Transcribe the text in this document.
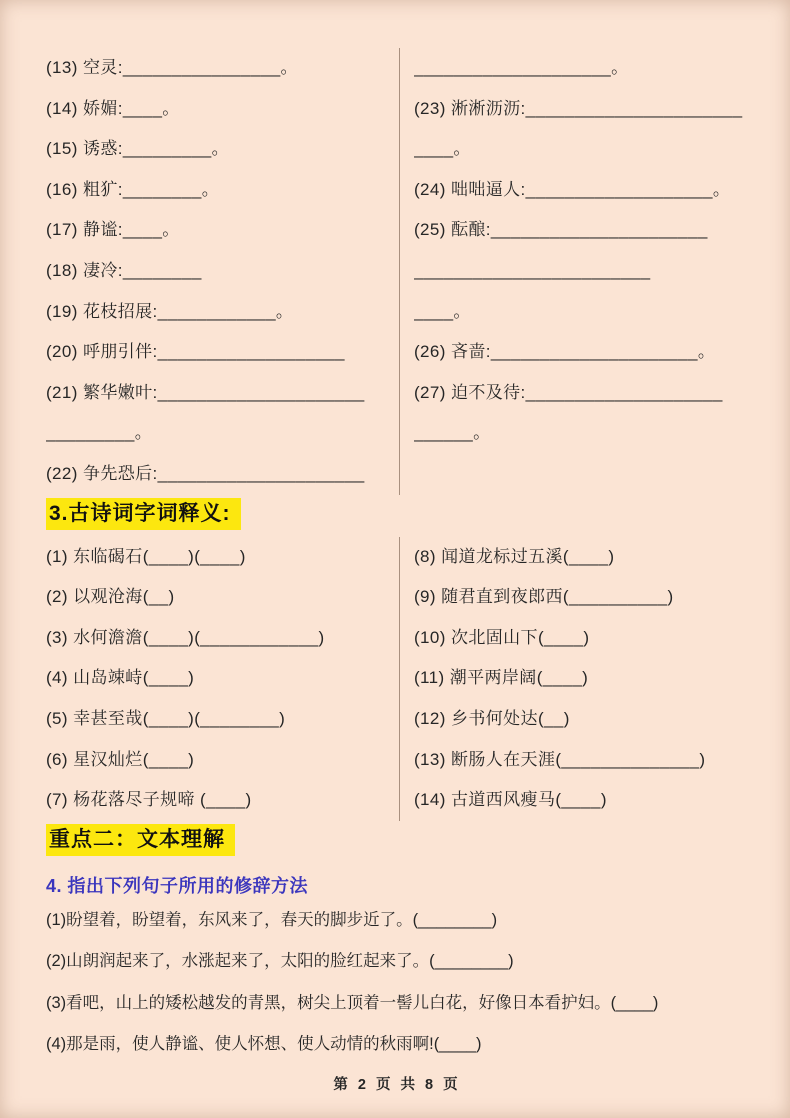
(13) 空灵:________________。
(14) 娇媚:____。
(15) 诱惑:_________。
(16) 粗犷:________。
(17) 静谧:____。
(18) 凄冷:________
(19) 花枝招展:____________。
(20) 呼朋引伴:___________________
(21) 繁华嫩叶:_____________________
_________。
(22) 争先恐后:_____________________
____________________。
(23) 淅淅沥沥:______________________
____。
(24) 咄咄逼人:___________________。
(25) 酝酿:______________________
________________________
____。
(26) 吝啬:_____________________。
(27) 迫不及待:____________________
______。
3.古诗词字词释义:
(1) 东临碣石(____)(____)
(2) 以观沧海(__)
(3) 水何澹澹(____)(____________)
(4) 山岛竦峙(____)
(5) 幸甚至哉(____)(________)
(6) 星汉灿烂(____)
(7) 杨花落尽子规啼 (____)
(8) 闻道龙标过五溪(____)
(9) 随君直到夜郎西(__________)
(10) 次北固山下(____)
(11) 潮平两岸阔(____)
(12) 乡书何处达(__)
(13) 断肠人在天涯(______________)
(14) 古道西风瘦马(____)
重点二：文本理解
4. 指出下列句子所用的修辞方法
(1)盼望着，盼望着，东风来了，春天的脚步近了。(________)
(2)山朗润起来了，水涨起来了，太阳的脸红起来了。(________)
(3)看吧，山上的矮松越发的青黑，树尖上顶着一髻儿白花，好像日本看护妇。(____)
(4)那是雨，使人静谧、使人怀想、使人动情的秋雨啊!(____)
第 2 页 共 8 页
